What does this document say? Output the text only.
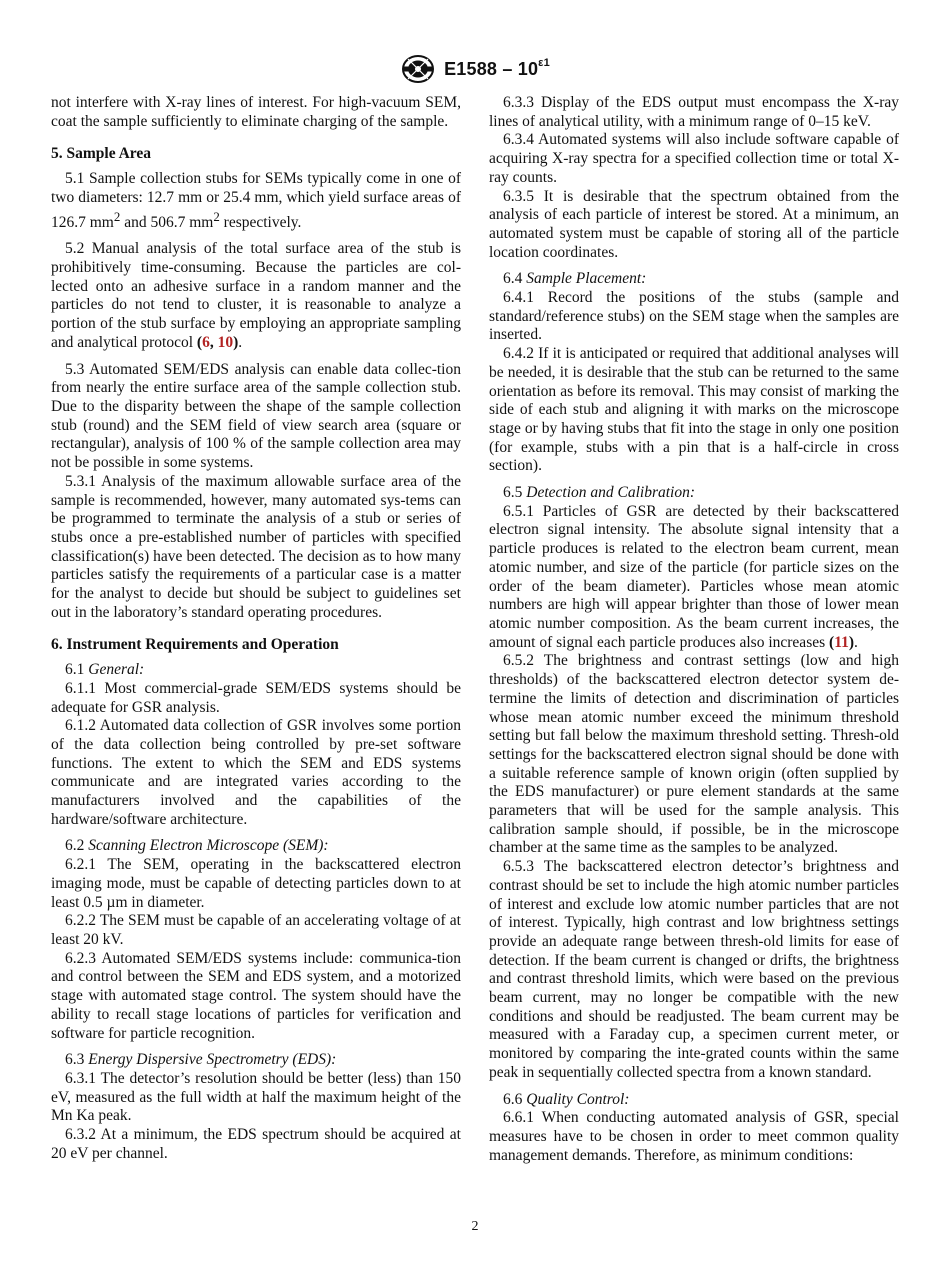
$E1588 - 10^{\varepsilon 1}$

not interfere with X-ray lines of interest. For high-vacuum SEM, coat the sample sufficiently to eliminate charging of the sample.

5. Sample Area

5.1 Sample collection stubs for SEMs typically come in one of two diameters: 12.7 mm or 25.4 mm, which yield surface areas of 126.7 $mm^2$ and 506.7 $mm^2$ respectively.

5.2 Manual analysis of the total surface area of the stub is prohibitively time-consuming. Because the particles are col-lected onto an adhesive surface in a random manner and the particles do not tend to cluster, it is reasonable to analyze a portion of the stub surface by employing an appropriate sampling and analytical protocol (6, 10).

5.3 Automated SEM/EDS analysis can enable data collec-tion from nearly the entire surface area of the sample collection stub. Due to the disparity between the shape of the sample collection stub (round) and the SEM field of view search area (square or rectangular), analysis of 100 % of the sample collection area may not be possible in some systems.

5.3.1 Analysis of the maximum allowable surface area of the sample is recommended, however, many automated sys-tems can be programmed to terminate the analysis of a stub or series of stubs once a pre-established number of particles with specified classification(s) have been detected. The decision as to how many particles satisfy the requirements of a particular case is a matter for the analyst to decide but should be subject to guidelines set out in the laboratory’s standard operating procedures.

6. Instrument Requirements and Operation

6.1 General:

6.1.1 Most commercial-grade SEM/EDS systems should be adequate for GSR analysis.

6.1.2 Automated data collection of GSR involves some portion of the data collection being controlled by pre-set software functions. The extent to which the SEM and EDS systems communicate and are integrated varies according to the manufacturers involved and the capabilities of the hardware/software architecture.

6.2 Scanning Electron Microscope (SEM):

6.2.1 The SEM, operating in the backscattered electron imaging mode, must be capable of detecting particles down to at least 0.5 µm in diameter.

6.2.2 The SEM must be capable of an accelerating voltage of at least 20 kV.

6.2.3 Automated SEM/EDS systems include: communica-tion and control between the SEM and EDS system, and a motorized stage with automated stage control. The system should have the ability to recall stage locations of particles for verification and software for particle recognition.

6.3 Energy Dispersive Spectrometry (EDS):

6.3.1 The detector’s resolution should be better (less) than 150 eV, measured as the full width at half the maximum height of the Mn Ka peak.

6.3.2 At a minimum, the EDS spectrum should be acquired at 20 eV per channel.

6.3.3 Display of the EDS output must encompass the X-ray lines of analytical utility, with a minimum range of 0–15 keV.

6.3.4 Automated systems will also include software capable of acquiring X-ray spectra for a specified collection time or total X-ray counts.

6.3.5 It is desirable that the spectrum obtained from the analysis of each particle of interest be stored. At a minimum, an automated system must be capable of storing all of the particle location coordinates.

6.4 Sample Placement:

6.4.1 Record the positions of the stubs (sample and standard/reference stubs) on the SEM stage when the samples are inserted.

6.4.2 If it is anticipated or required that additional analyses will be needed, it is desirable that the stub can be returned to the same orientation as before its removal. This may consist of marking the side of each stub and aligning it with marks on the microscope stage or by having stubs that fit into the stage in only one position (for example, stubs with a pin that is a half-circle in cross section).

6.5 Detection and Calibration:

6.5.1 Particles of GSR are detected by their backscattered electron signal intensity. The absolute signal intensity that a particle produces is related to the electron beam current, mean atomic number, and size of the particle (for particle sizes on the order of the beam diameter). Particles whose mean atomic numbers are high will appear brighter than those of lower mean atomic number composition. As the beam current increases, the amount of signal each particle produces also increases (11).

6.5.2 The brightness and contrast settings (low and high thresholds) of the backscattered electron detector system de-termine the limits of detection and discrimination of particles whose mean atomic number exceed the minimum threshold setting but fall below the maximum threshold setting. Thresh-old settings for the backscattered electron signal should be done with a suitable reference sample of known origin (often supplied by the EDS manufacturer) or pure element standards at the same parameters that will be used for the sample analysis. This calibration sample should, if possible, be in the microscope chamber at the same time as the samples to be analyzed.

6.5.3 The backscattered electron detector’s brightness and contrast should be set to include the high atomic number particles of interest and exclude low atomic number particles that are not of interest. Typically, high contrast and low brightness settings provide an adequate range between thresh-old limits for ease of detection. If the beam current is changed or drifts, the brightness and contrast threshold limits, which were based on the previous beam current, may no longer be compatible with the new conditions and should be readjusted. The beam current may be measured with a Faraday cup, a specimen current meter, or monitored by comparing the inte-grated counts within the same peak in sequentially collected spectra from a known standard.

6.6 Quality Control:

6.6.1 When conducting automated analysis of GSR, special measures have to be chosen in order to meet common quality management demands. Therefore, as minimum conditions:

2
